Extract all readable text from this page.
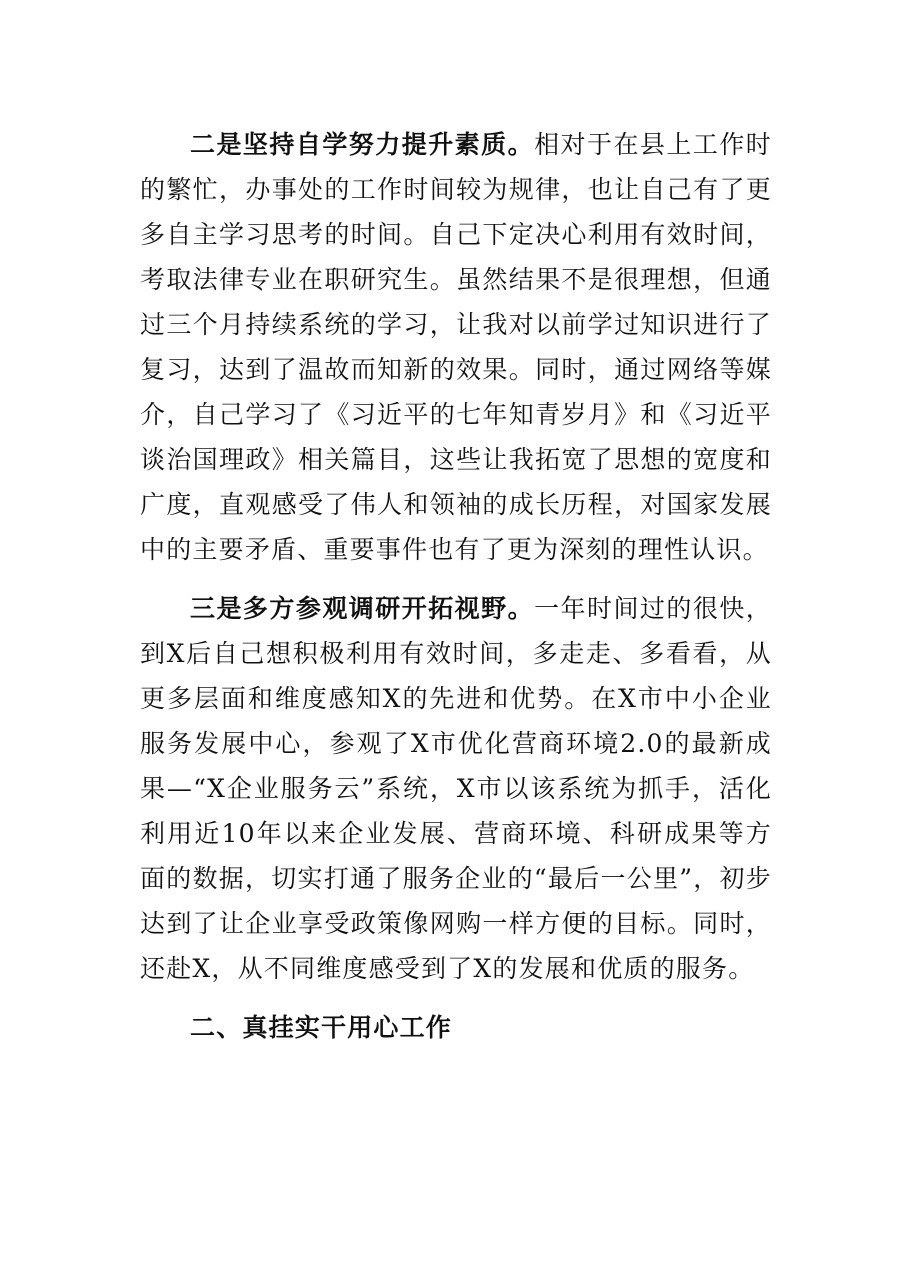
二是坚持自学努力提升素质。相对于在县上工作时的繁忙，办事处的工作时间较为规律，也让自己有了更多自主学习思考的时间。自己下定决心利用有效时间，考取法律专业在职研究生。虽然结果不是很理想，但通过三个月持续系统的学习，让我对以前学过知识进行了复习，达到了温故而知新的效果。同时，通过网络等媒介，自己学习了《习近平的七年知青岁月》和《习近平谈治国理政》相关篇目，这些让我拓宽了思想的宽度和广度，直观感受了伟人和领袖的成长历程，对国家发展中的主要矛盾、重要事件也有了更为深刻的理性认识。

三是多方参观调研开拓视野。一年时间过的很快，到X后自己想积极利用有效时间，多走走、多看看，从更多层面和维度感知X的先进和优势。在X市中小企业服务发展中心，参观了X市优化营商环境2.0的最新成果—“X企业服务云”系统，X市以该系统为抓手，活化利用近10年以来企业发展、营商环境、科研成果等方面的数据，切实打通了服务企业的“最后一公里”，初步达到了让企业享受政策像网购一样方便的目标。同时，还赴X，从不同维度感受到了X的发展和优质的服务。

二、真挂实干用心工作
